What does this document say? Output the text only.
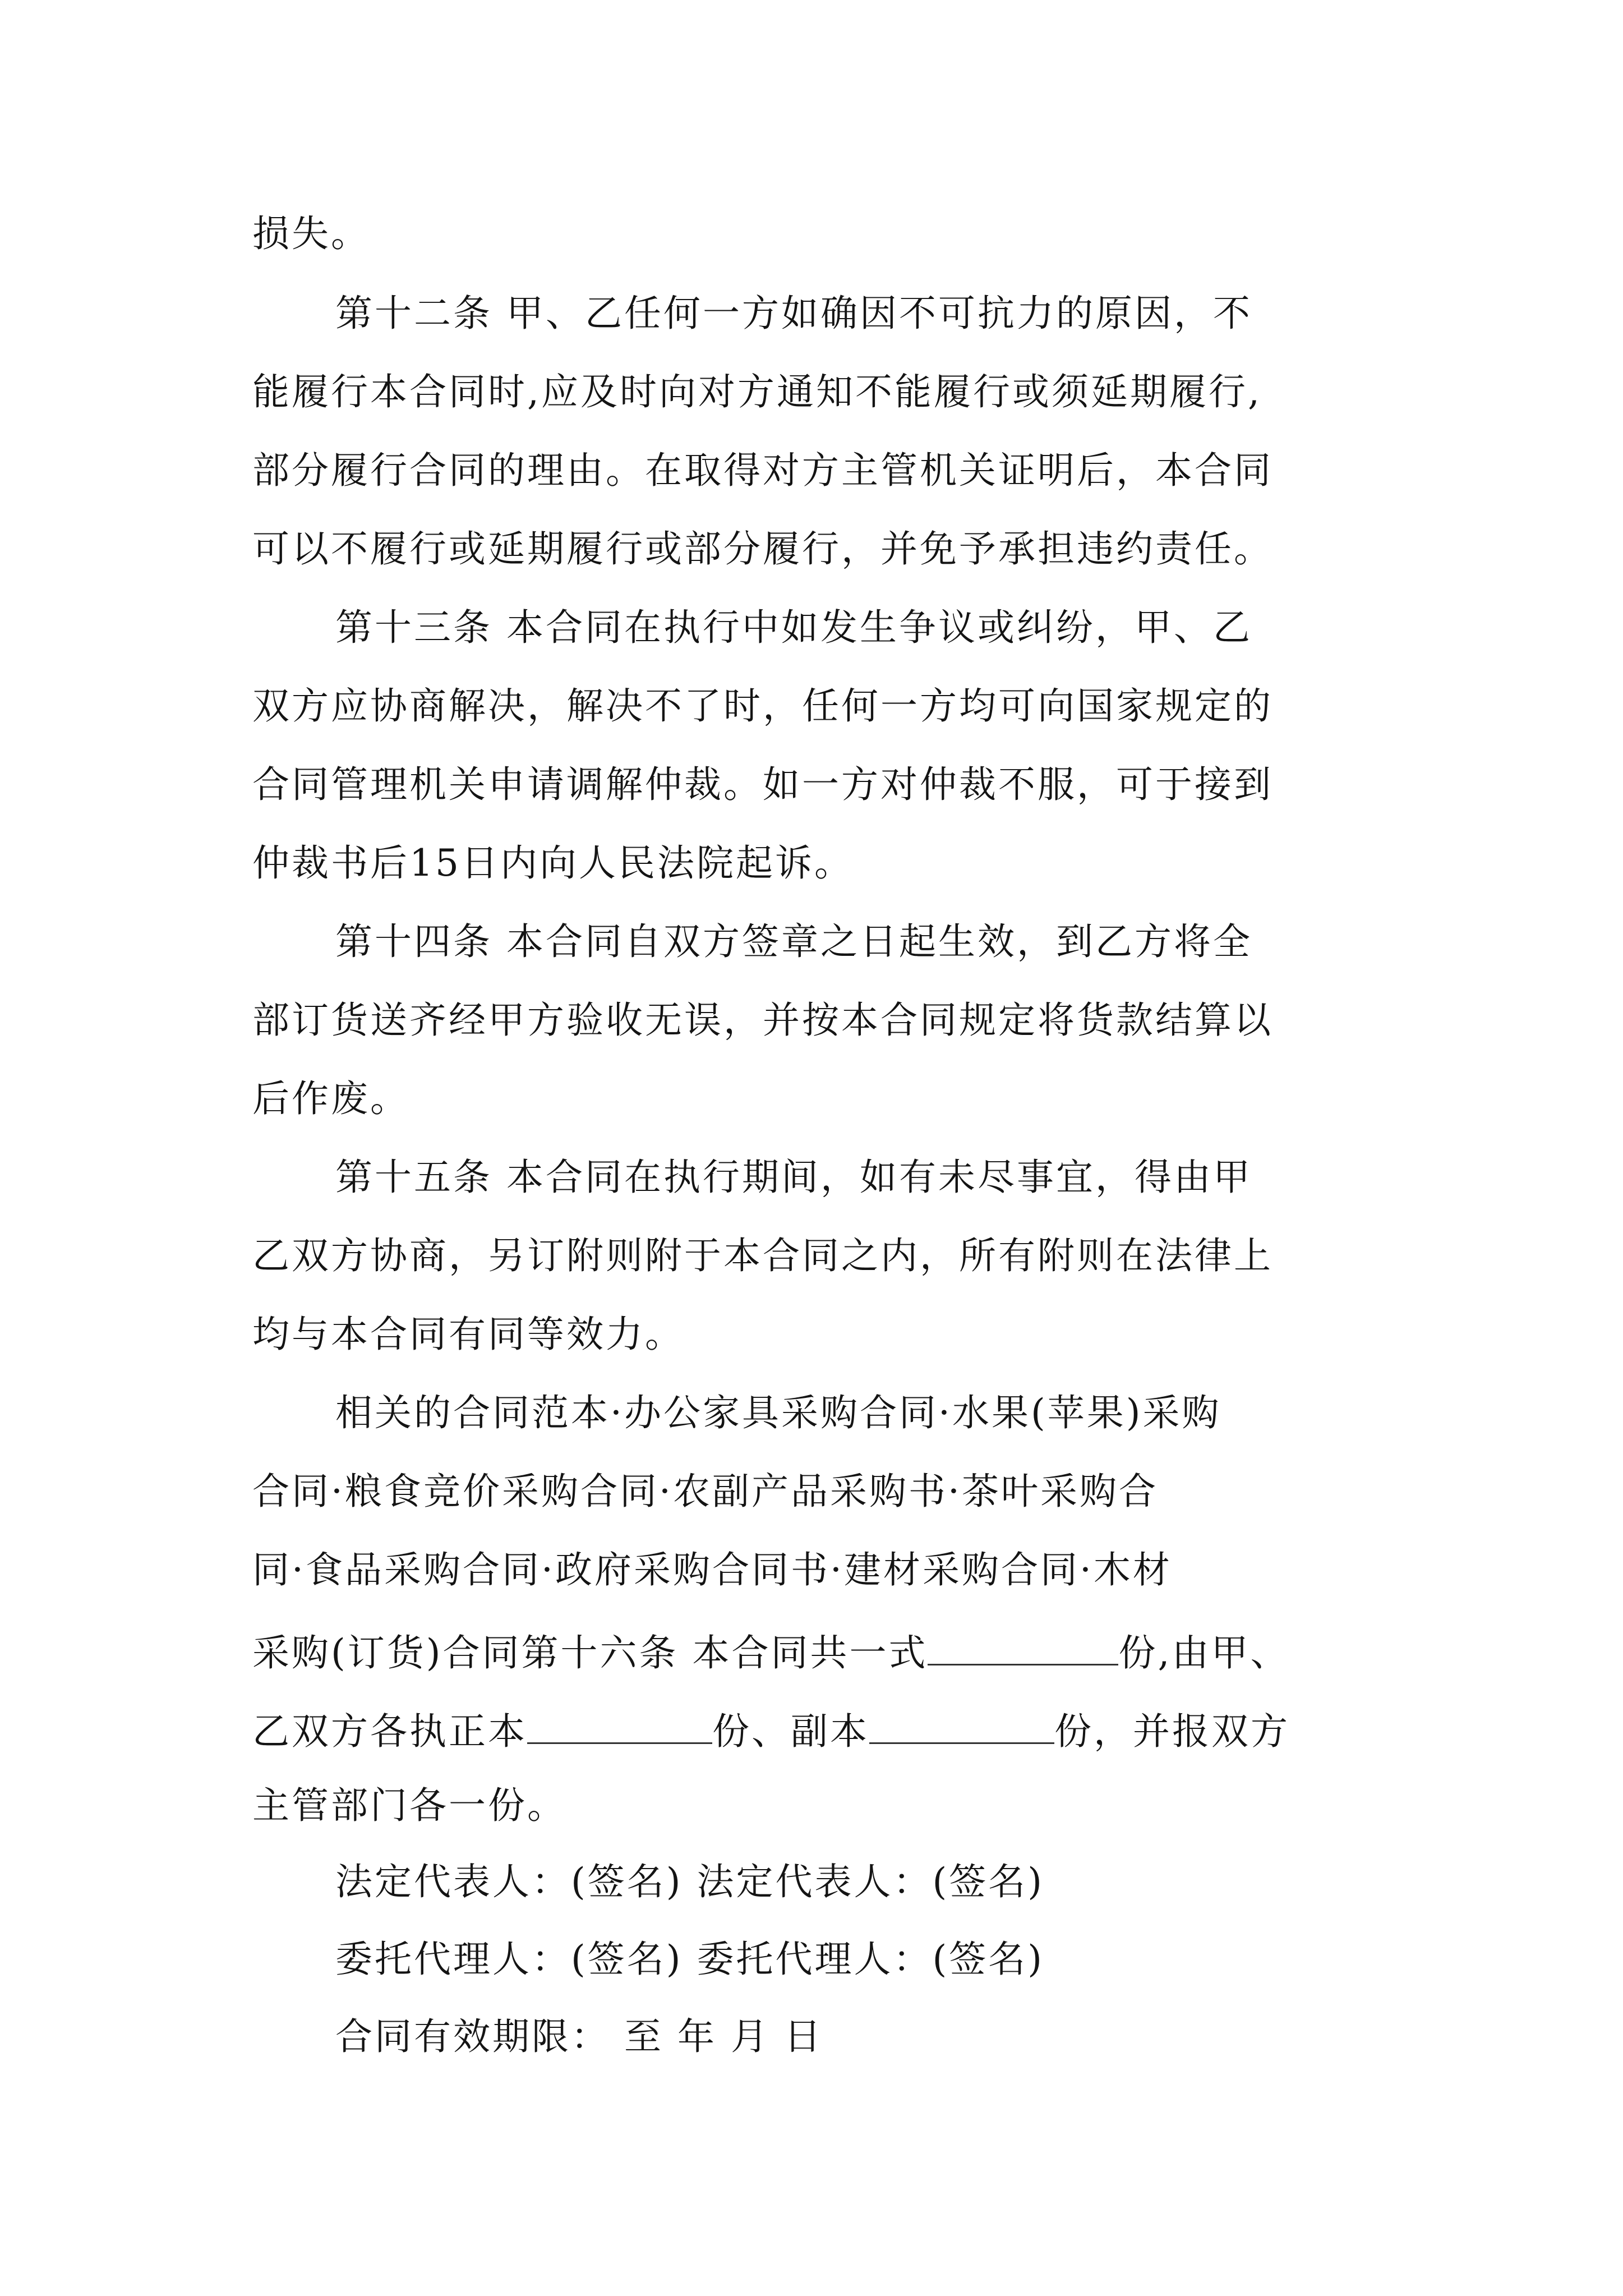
损失。
第十二条 甲、乙任何一方如确因不可抗力的原因，不
能履行本合同时,应及时向对方通知不能履行或须延期履行,
部分履行合同的理由。在取得对方主管机关证明后，本合同
可以不履行或延期履行或部分履行，并免予承担违约责任。
第十三条 本合同在执行中如发生争议或纠纷，甲、乙
双方应协商解决，解决不了时，任何一方均可向国家规定的
合同管理机关申请调解仲裁。如一方对仲裁不服，可于接到
仲裁书后15日内向人民法院起诉。
第十四条 本合同自双方签章之日起生效，到乙方将全
部订货送齐经甲方验收无误，并按本合同规定将货款结算以
后作废。
第十五条 本合同在执行期间，如有未尽事宜，得由甲
乙双方协商，另订附则附于本合同之内，所有附则在法律上
均与本合同有同等效力。
相关的合同范本·办公家具采购合同·水果(苹果)采购
合同·粮食竞价采购合同·农副产品采购书·茶叶采购合
同·食品采购合同·政府采购合同书·建材采购合同·木材
采购(订货)合同第十六条 本合同共一式	份,由甲、
乙双方各执正本	份、副本	份，并报双方
主管部门各一份。
法定代表人：(签名) 法定代表人：(签名)
委托代理人：(签名) 委托代理人：(签名)
合同有效期限： 至 年 月 日
